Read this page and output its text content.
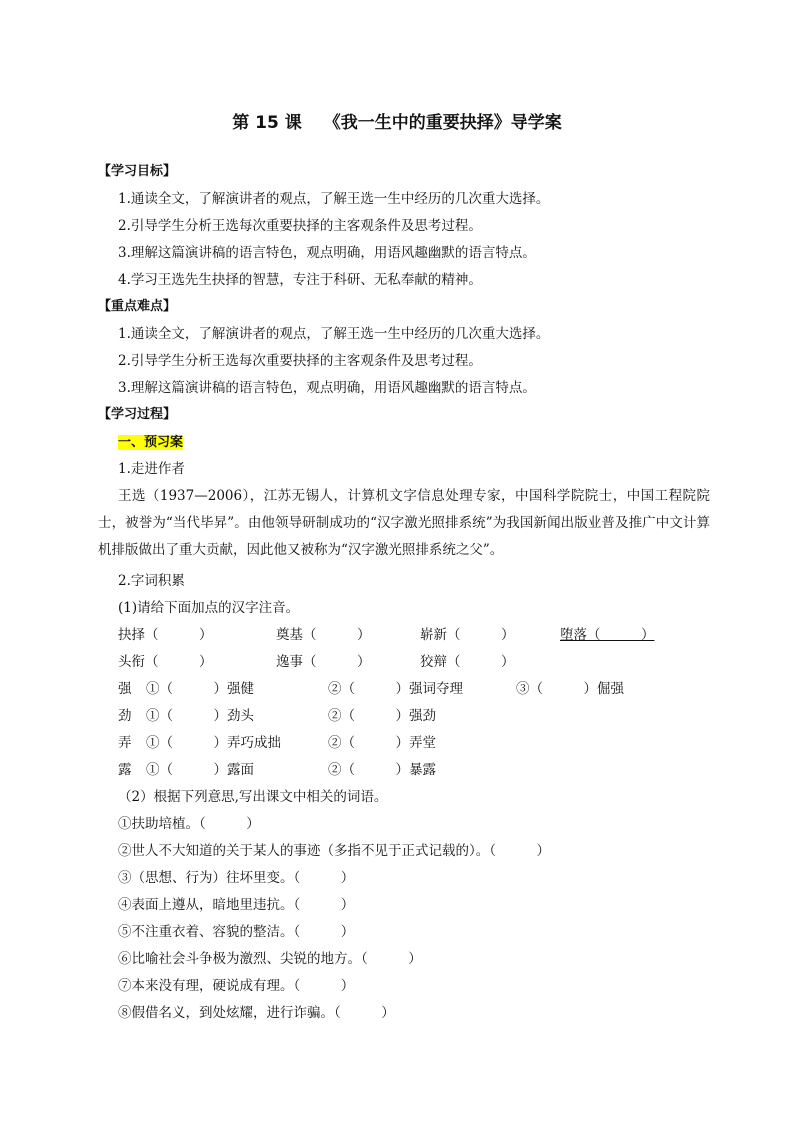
第 15 课 《我一生中的重要抉择》导学案
【学习目标】
1.通读全文，了解演讲者的观点，了解王选一生中经历的几次重大选择。
2.引导学生分析王选每次重要抉择的主客观条件及思考过程。
3.理解这篇演讲稿的语言特色，观点明确，用语风趣幽默的语言特点。
4.学习王选先生抉择的智慧，专注于科研、无私奉献的精神。
【重点难点】
1.通读全文，了解演讲者的观点，了解王选一生中经历的几次重大选择。
2.引导学生分析王选每次重要抉择的主客观条件及思考过程。
3.理解这篇演讲稿的语言特色，观点明确，用语风趣幽默的语言特点。
【学习过程】
一、预习案
1.走进作者
王选（1937—2006），江苏无锡人，计算机文字信息处理专家，中国科学院院士，中国工程院院士，被誉为“当代毕昇”。由他领导研制成功的“汉字激光照排系统”为我国新闻出版业普及推广中文计算机排版做出了重大贡献，因此他又被称为“汉字激光照排系统之父”。
2.字词积累
(1)请给下面加点的汉字注音。
抉择（　　　）	奠基（　　　）	崭新（　　　）	堕落（　　　）
头衔（　　　）	逸事（　　　）	狡辩（　　　）
强 ①（　　　）强健	②（　　　）强词夺理	③（　　　）倔强
劲 ①（　　　）劲头	②（　　　）强劲
弄 ①（　　　）弄巧成拙	②（　　　）弄堂
露 ①（　　　）露面	②（　　　）暴露
（2）根据下列意思,写出课文中相关的词语。
①扶助培植。（　　　）
②世人不大知道的关于某人的事迹（多指不见于正式记载的）。（　　　）
③（思想、行为）往坏里变。（　　　）
④表面上遵从，暗地里违抗。（　　　）
⑤不注重衣着、容貌的整洁。（　　　）
⑥比喻社会斗争极为激烈、尖锐的地方。（　　　）
⑦本来没有理，硬说成有理。（　　　）
⑧假借名义，到处炫耀，进行诈骗。（　　　）
